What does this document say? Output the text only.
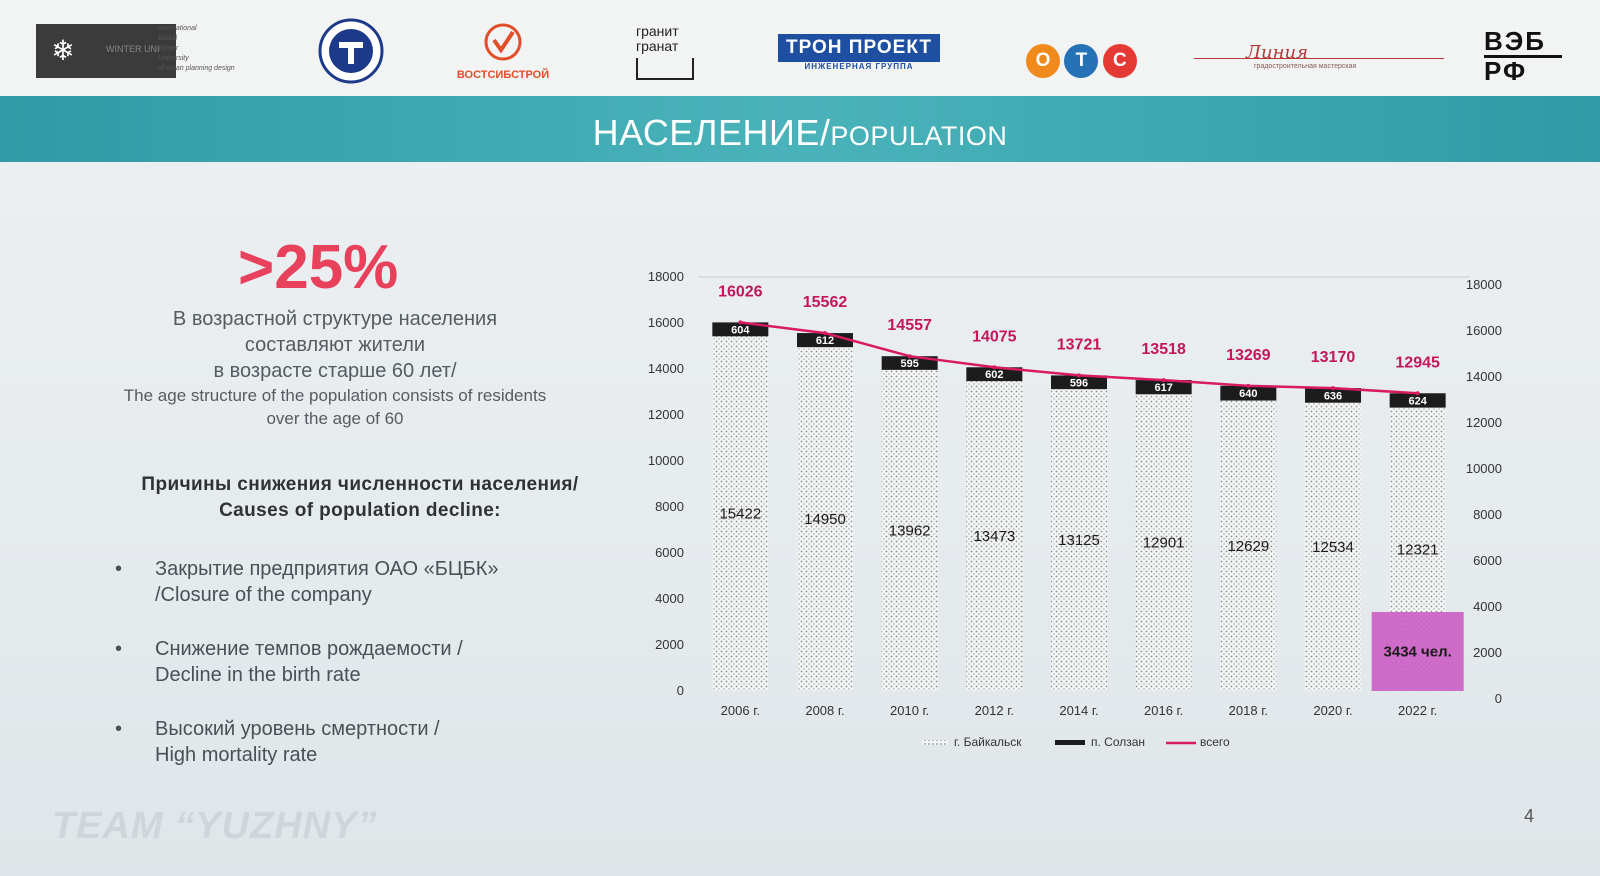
❄	WINTER UNI
International
Baikal
Winter
University
of urban planning design
ВОСТСИБСТРОЙ
гранит
гранат	ТРОН ПРОЕКТ
ИНЖЕНЕРНАЯ ГРУППА	О Т С	Линия
градостроительная мастерская
ВЭБ
РФ
НАСЕЛЕНИЕ/POPULATION
>25%
В возрастной структуре населения
составляют жители
в возрасте старше 60 лет/
The age structure of the population consists of residents
over the age of 60
Причины снижения численности населения/
Causes of population decline:
• Закрытие предприятия ОАО «БЦБК»
/Closure of the company
• Снижение темпов рождаемости /
Decline in the birth rate
• Высокий уровень смертности /
High mortality rate
0
2000
4000
6000
8000
10000
12000
14000
16000
18000
0
2000
4000
6000
8000
10000
12000
14000
16000
18000
15422
604
16026
2006 г.
14950
612
15562
2008 г.
13962
595
14557
2010 г.
13473
602
14075
2012 г.
13125
596
13721
2014 г.
12901
617
13518
2016 г.
12629
640
13269
2018 г.
12534
636
13170
2020 г.
12321
624
12945
2022 г.
3434 чел.
г. Байкальск	п. Солзан	всего
TEAM “YUZHNY”	4
